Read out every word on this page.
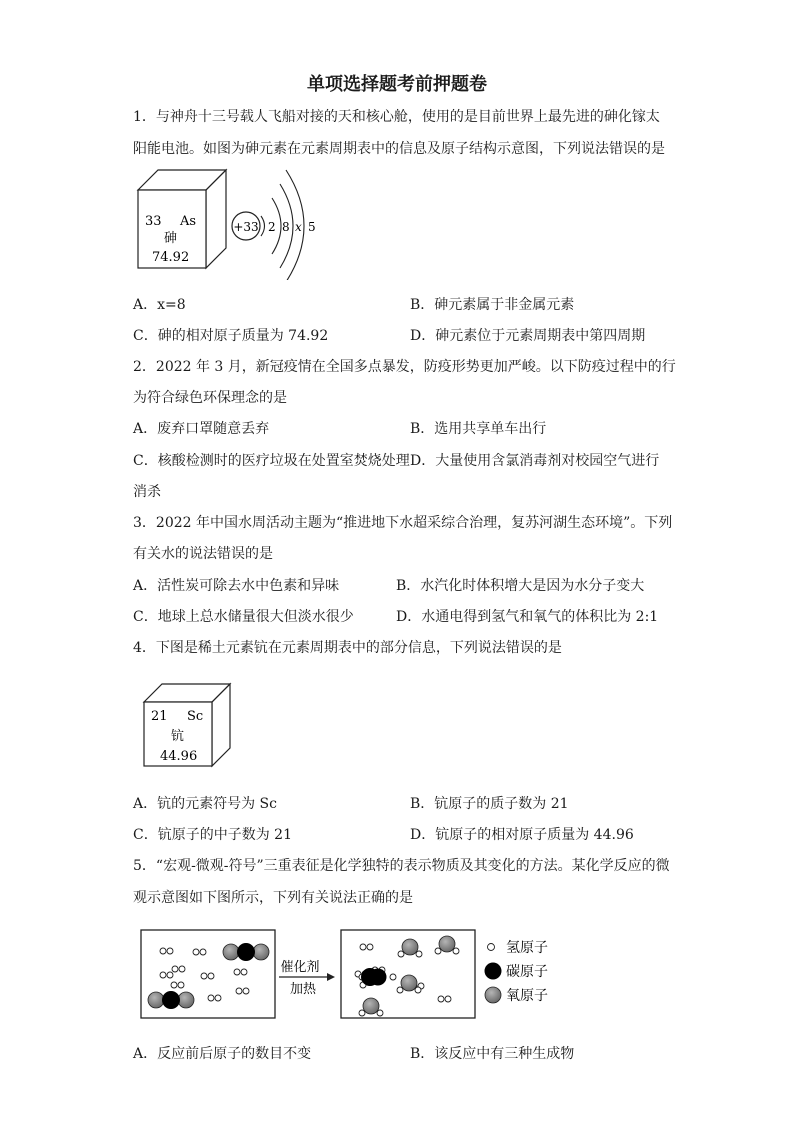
单项选择题考前押题卷
1．与神舟十三号载人飞船对接的天和核心舱，使用的是目前世界上最先进的砷化镓太
阳能电池。如图为砷元素在元素周期表中的信息及原子结构示意图，下列说法错误的是
33 As
砷
74.92
+33 2 8 x 5
A．x=8	B．砷元素属于非金属元素
C．砷的相对原子质量为 74.92	D．砷元素位于元素周期表中第四周期
2．2022 年 3 月，新冠疫情在全国多点暴发，防疫形势更加严峻。以下防疫过程中的行
为符合绿色环保理念的是
A．废弃口罩随意丢弃	B．选用共享单车出行
C．核酸检测时的医疗垃圾在处置室焚烧处理 D．大量使用含氯消毒剂对校园空气进行
消杀
3．2022 年中国水周活动主题为“推进地下水超采综合治理，复苏河湖生态环境”。下列
有关水的说法错误的是
A．活性炭可除去水中色素和异味	B．水汽化时体积增大是因为水分子变大
C．地球上总水储量很大但淡水很少	D．水通电得到氢气和氧气的体积比为 2:1
4．下图是稀土元素钪在元素周期表中的部分信息，下列说法错误的是
21 Sc
钪
44.96
A．钪的元素符号为 Sc	B．钪原子的质子数为 21
C．钪原子的中子数为 21	D．钪原子的相对原子质量为 44.96
5．“宏观-微观-符号”三重表征是化学独特的表示物质及其变化的方法。某化学反应的微
观示意图如下图所示，下列有关说法正确的是
催化剂
加热
氢原子
碳原子
氧原子
A．反应前后原子的数目不变	B．该反应中有三种生成物
